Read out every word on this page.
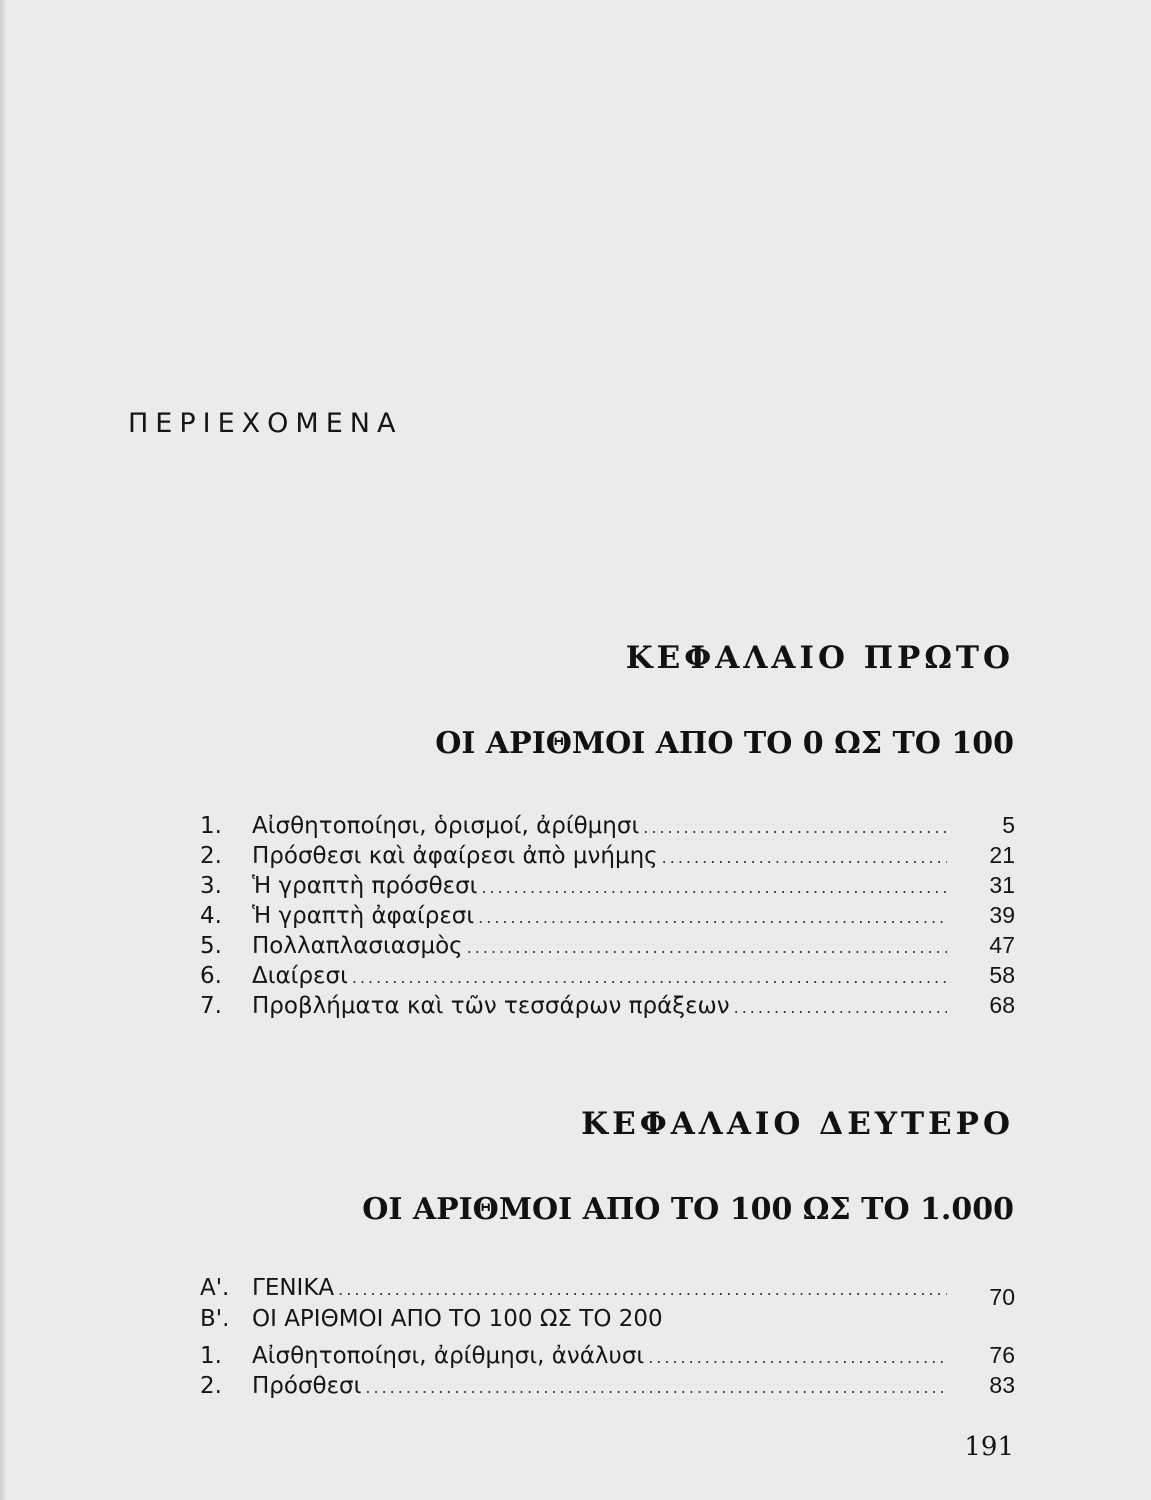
ΠΕΡΙΕΧΟΜΕΝΑ
ΚΕΦΑΛΑΙΟ ΠΡΩΤΟ
ΟΙ ΑΡΙΘΜΟΙ ΑΠΟ ΤΟ 0 ΩΣ ΤΟ 100
1.	Αἰσθητοποίησι, ὁρισμοί, ἀρίθμησι .....	5
2.	Πρόσθεσι καὶ ἀφαίρεσι ἀπὸ μνήμης .....	21
3.	Ἡ γραπτὴ πρόσθεσι .....	31
4.	Ἡ γραπτὴ ἀφαίρεσι .....	39
5.	Πολλαπλασιασμὸς .....	47
6.	Διαίρεσι .....	58
7.	Προβλήματα καὶ τῶν τεσσάρων πράξεων .....	68
ΚΕΦΑΛΑΙΟ ΔΕΥΤΕΡΟ
ΟΙ ΑΡΙΘΜΟΙ ΑΠΟ ΤΟ 100 ΩΣ ΤΟ 1.000
Α'. ΓΕΝΙΚΑ .....	70
Β'. ΟΙ ΑΡΙΘΜΟΙ ΑΠΟ ΤΟ 100 ΩΣ ΤΟ 200
1.	Αἰσθητοποίησι, ἀρίθμησι, ἀνάλυσι .....	76
2.	Πρόσθεσι .....	83
191
